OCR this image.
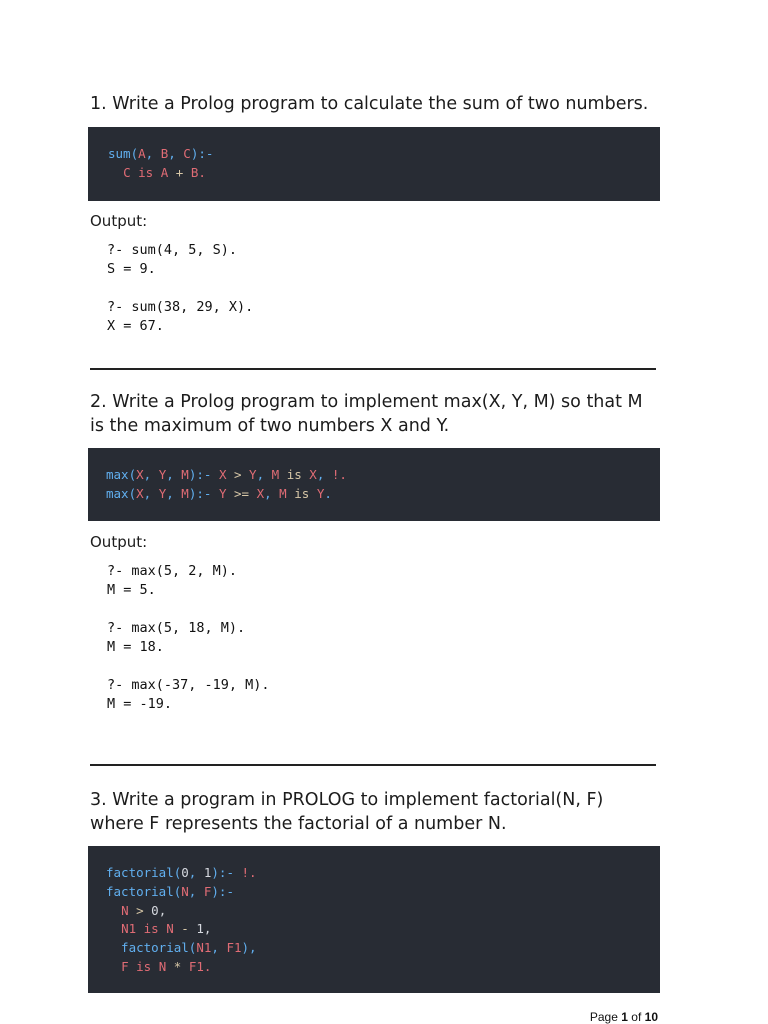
1. Write a Prolog program to calculate the sum of two numbers.
sum(A, B, C):-
C is A + B.
Output:
?- sum(4, 5, S).
S = 9.
?- sum(38, 29, X).
X = 67.
2. Write a Prolog program to implement max(X, Y, M) so that M
is the maximum of two numbers X and Y.
max(X, Y, M):- X > Y, M is X, !.
max(X, Y, M):- Y >= X, M is Y.
Output:
?- max(5, 2, M).
M = 5.
?- max(5, 18, M).
M = 18.
?- max(-37, -19, M).
M = -19.
3. Write a program in PROLOG to implement factorial(N, F)
where F represents the factorial of a number N.
factorial(0, 1):- !.
factorial(N, F):-
N > 0,
N1 is N - 1,
factorial(N1, F1),
F is N * F1.
Page 1 of 10
